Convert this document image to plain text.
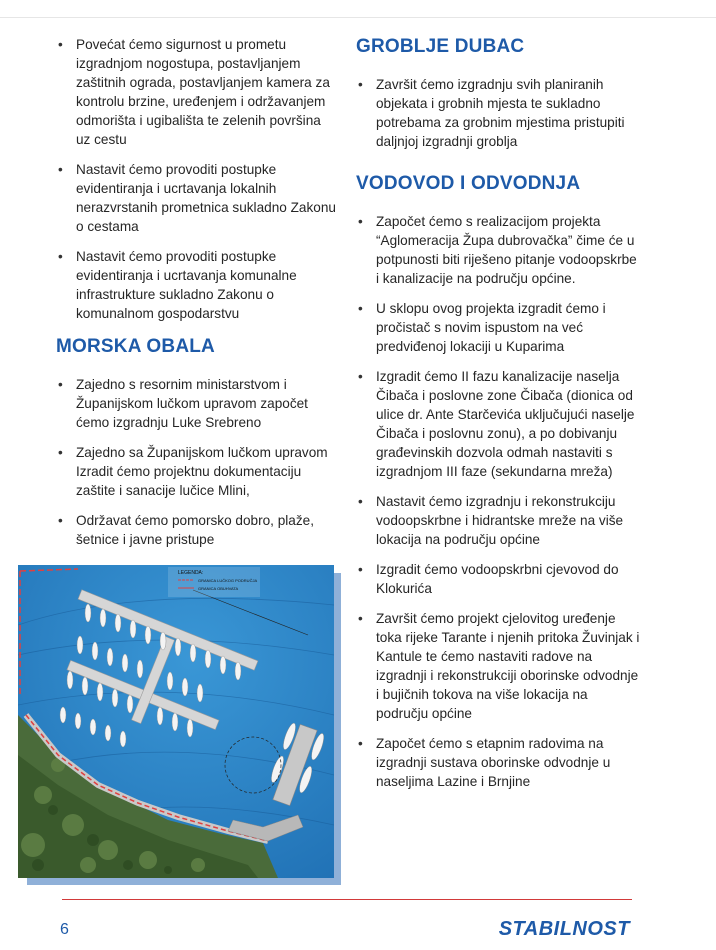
• Povećat ćemo sigurnost u prometu izgradnjom nogostupa, postavljanjem zaštitnih ograda, postavljanjem kamera za kontrolu brzine, uređenjem i održavanjem odmorišta i ugibališta te zelenih površina uz cestu
• Nastavit ćemo provoditi postupke evidentiranja i ucrtavanja lokalnih nerazvrstanih prometnica sukladno Zakonu o cestama
• Nastavit ćemo provoditi postupke evidentiranja i ucrtavanja komunalne infrastrukture sukladno Zakonu o komunalnom gospodarstvu
MORSKA OBALA
• Zajedno s resornim ministarstvom i Županijskom lučkom upravom započet ćemo izgradnju Luke Srebreno
• Zajedno sa Županijskom lučkom upravom Izradit ćemo projektnu dokumentaciju zaštite i sanacije lučice Mlini,
• Održavat ćemo pomorsko dobro, plaže, šetnice i javne pristupe
LEGENDA:
GRANICA LUČKOG PODRUČJA
GRANICA OBUHVATA
GROBLJE DUBAC
• Završit ćemo izgradnju svih planiranih objekata i grobnih mjesta te sukladno potrebama za grobnim mjestima pristupiti daljnjoj izgradnji groblja
VODOVOD I ODVODNJA
• Započet ćemo s realizacijom projekta “Aglomeracija Župa dubrovačka” čime će u potpunosti biti riješeno pitanje vodoopskrbe i kanalizacije na području općine.
• U sklopu ovog projekta izgradit ćemo i pročistač s novim ispustom na već predviđenoj lokaciji u Kuparima
• Izgradit ćemo II fazu kanalizacije naselja Čibača i poslovne zone Čibača (dionica od ulice dr. Ante Starčevića uključujući naselje Čibača i poslovnu zonu), a po dobivanju građevinskih dozvola odmah nastaviti s izgradnjom III faze (sekundarna mreža)
• Nastavit ćemo izgradnju i rekonstrukciju vodoopskrbne i hidrantske mreže na više lokacija na području općine
• Izgradit ćemo vodoopskrbni cjevovod do Klokurića
• Završit ćemo projekt cjelovitog uređenje toka rijeke Tarante i njenih pritoka Žuvinjak i Kantule te ćemo nastaviti radove na izgradnji i rekonstrukciji oborinske odvodnje i bujičnih tokova na više lokacija na području općine
• Započet ćemo s etapnim radovima na izgradnji sustava oborinske odvodnje u naseljima Lazine i Brnjine
6	STABILNOST
